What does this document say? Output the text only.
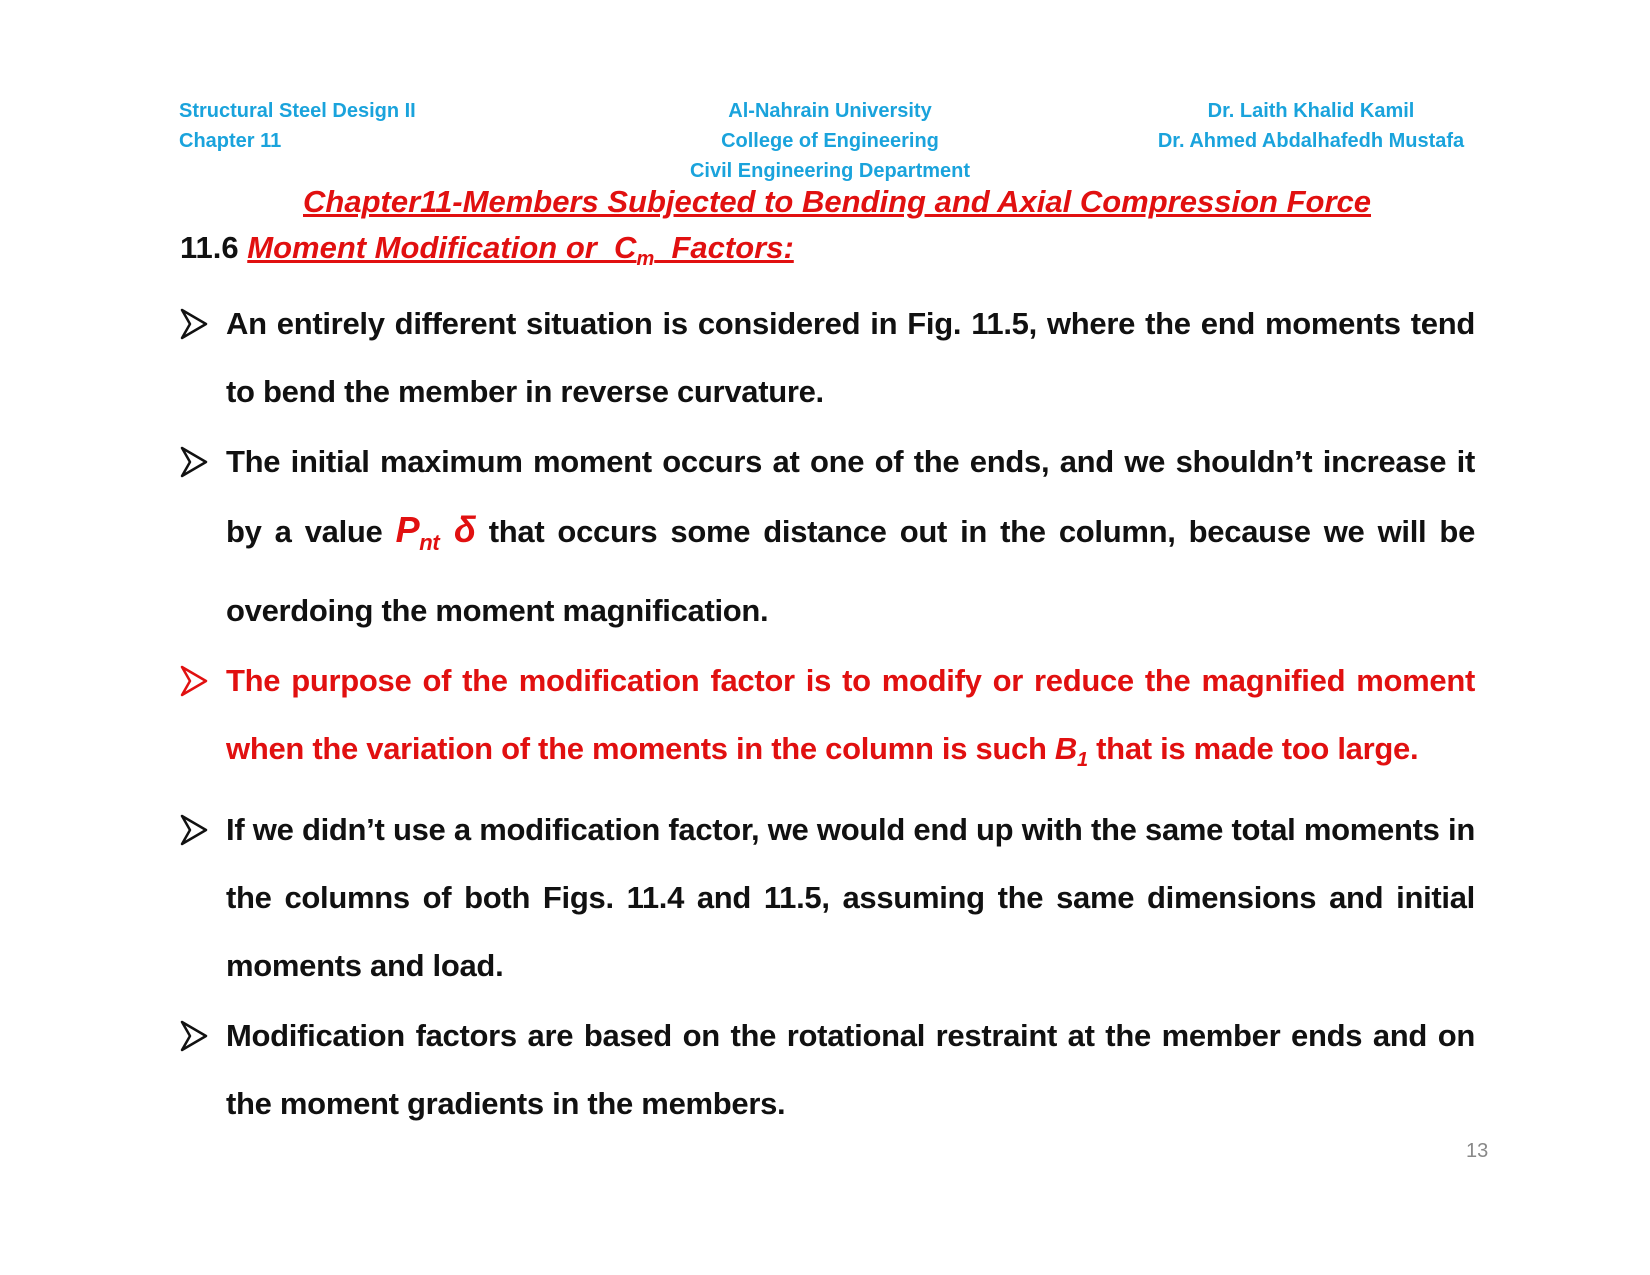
Structural Steel Design II
Chapter 11
Al-Nahrain University
College of Engineering
Civil Engineering Department
Dr. Laith Khalid Kamil
Dr. Ahmed Abdalhafedh Mustafa
Chapter11-Members Subjected to Bending and Axial Compression Force
11.6 Moment Modification or  $C_m$  Factors:
An entirely different situation is considered in Fig. 11.5, where the end moments tend to bend the member in reverse curvature.
The initial maximum moment occurs at one of the ends, and we shouldn’t increase it by a value $P_{nt}$ δ that occurs some distance out in the column, because we will be overdoing the moment magnification.
The purpose of the modification factor is to modify or reduce the magnified moment when the variation of the moments in the column is such $B_1$ that is made too large.
If we didn’t use a modification factor, we would end up with the same total moments in the columns of both Figs. 11.4 and 11.5, assuming the same dimensions and initial moments and load.
Modification factors are based on the rotational restraint at the member ends and on the moment gradients in the members.
13
